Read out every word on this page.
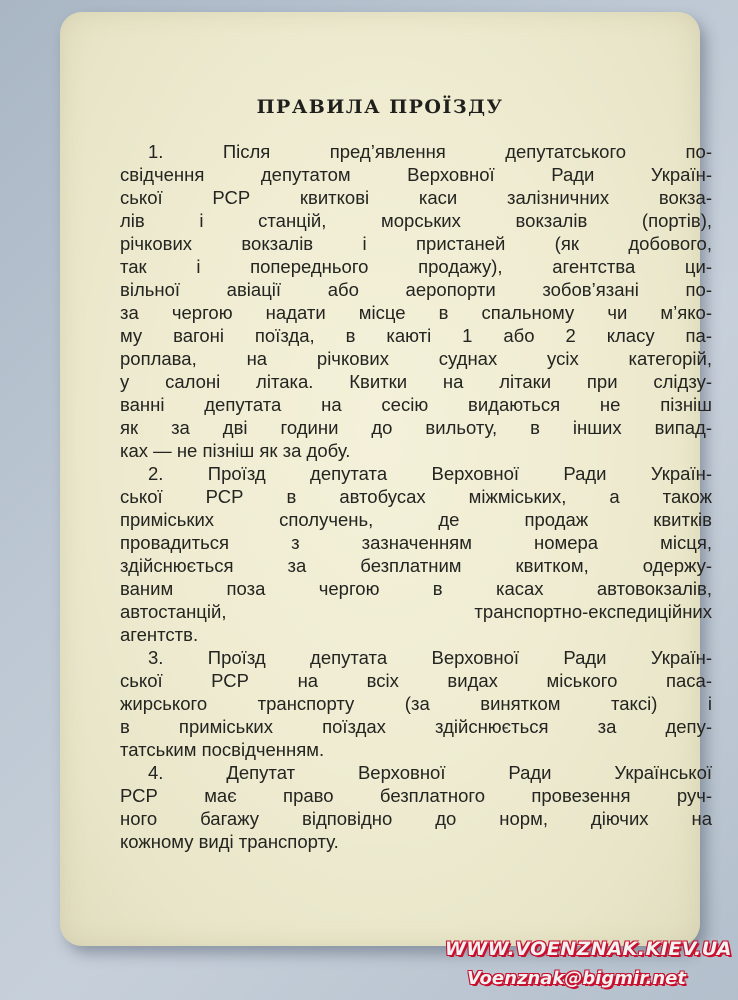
ПРАВИЛА ПРОЇЗДУ
1. Після пред’явлення депутатського по-
свідчення депутатом Верховної Ради Україн-
ської РСР квиткові каси залізничних вокза-
лів і станцій, морських вокзалів (портів),
річкових вокзалів і пристаней (як добового,
так і попереднього продажу), агентства ци-
вільної авіації або аеропорти зобов’язані по-
за чергою надати місце в спальному чи м’яко-
му вагоні поїзда, в каюті 1 або 2 класу па-
роплава, на річкових суднах усіх категорій,
у салоні літака. Квитки на літаки при слідзу-
ванні депутата на сесію видаються не пізніш
як за дві години до вильоту, в інших випад-
ках — не пізніш як за добу.
2. Проїзд депутата Верховної Ради Україн-
ської РСР в автобусах міжміських, а також
приміських сполучень, де продаж квитків
провадиться з зазначенням номера місця,
здійснюється за безплатним квитком, одержу-
ваним поза чергою в касах автовокзалів,
автостанцій, транспортно-експедиційних
агентств.
3. Проїзд депутата Верховної Ради Україн-
ської РСР на всіх видах міського паса-
жирського транспорту (за винятком таксі) і
в приміських поїздах здійснюється за депу-
татським посвідченням.
4. Депутат Верховної Ради Української
РСР має право безплатного провезення руч-
ного багажу відповідно до норм, діючих на
кожному виді транспорту.
WWW.VOENZNAK.KIEV.UA
Voenznak@bigmir.net
